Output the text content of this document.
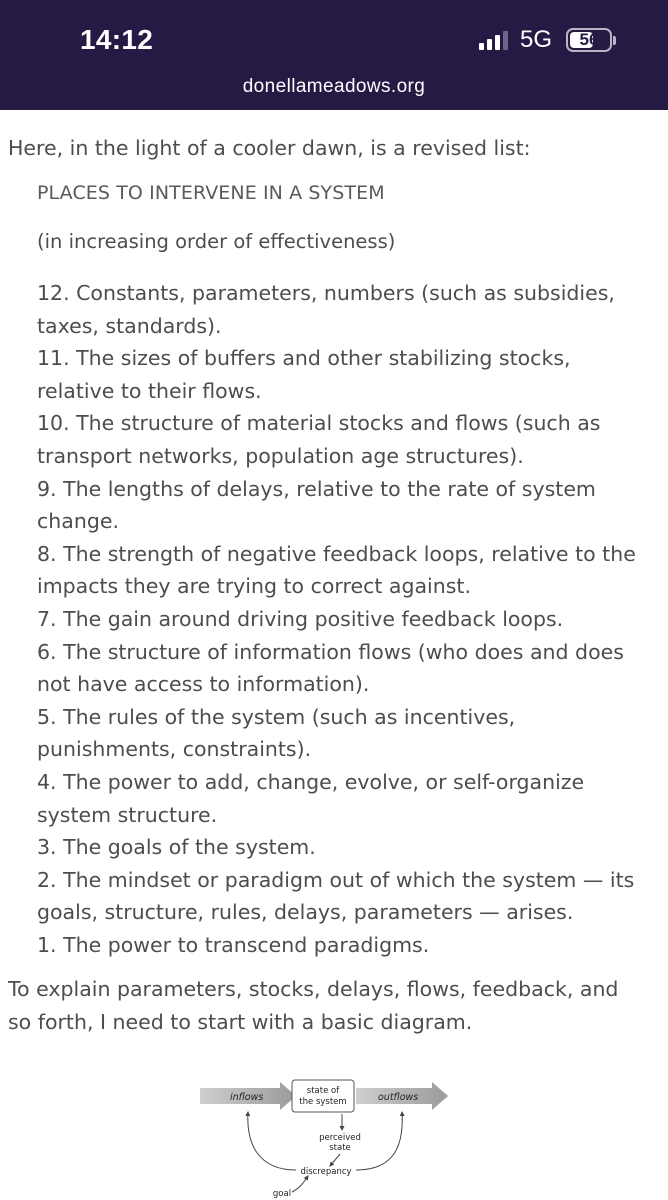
14:12	5G	56
donellameadows.org
Here, in the light of a cooler dawn, is a revised list:
PLACES TO INTERVENE IN A SYSTEM
(in increasing order of effectiveness)
12. Constants, parameters, numbers (such as subsidies, taxes, standards).
11. The sizes of buffers and other stabilizing stocks, relative to their flows.
10. The structure of material stocks and flows (such as transport networks, population age structures).
9. The lengths of delays, relative to the rate of system change.
8. The strength of negative feedback loops, relative to the impacts they are trying to correct against.
7. The gain around driving positive feedback loops.
6. The structure of information flows (who does and does not have access to information).
5. The rules of the system (such as incentives, punishments, constraints).
4. The power to add, change, evolve, or self-organize system structure.
3. The goals of the system.
2. The mindset or paradigm out of which the system — its goals, structure, rules, delays, parameters — arises.
1. The power to transcend paradigms.
To explain parameters, stocks, delays, flows, feedback, and so forth, I need to start with a basic diagram.
inflows
state of
the system	outflows
perceived
state
discrepancy
goal
